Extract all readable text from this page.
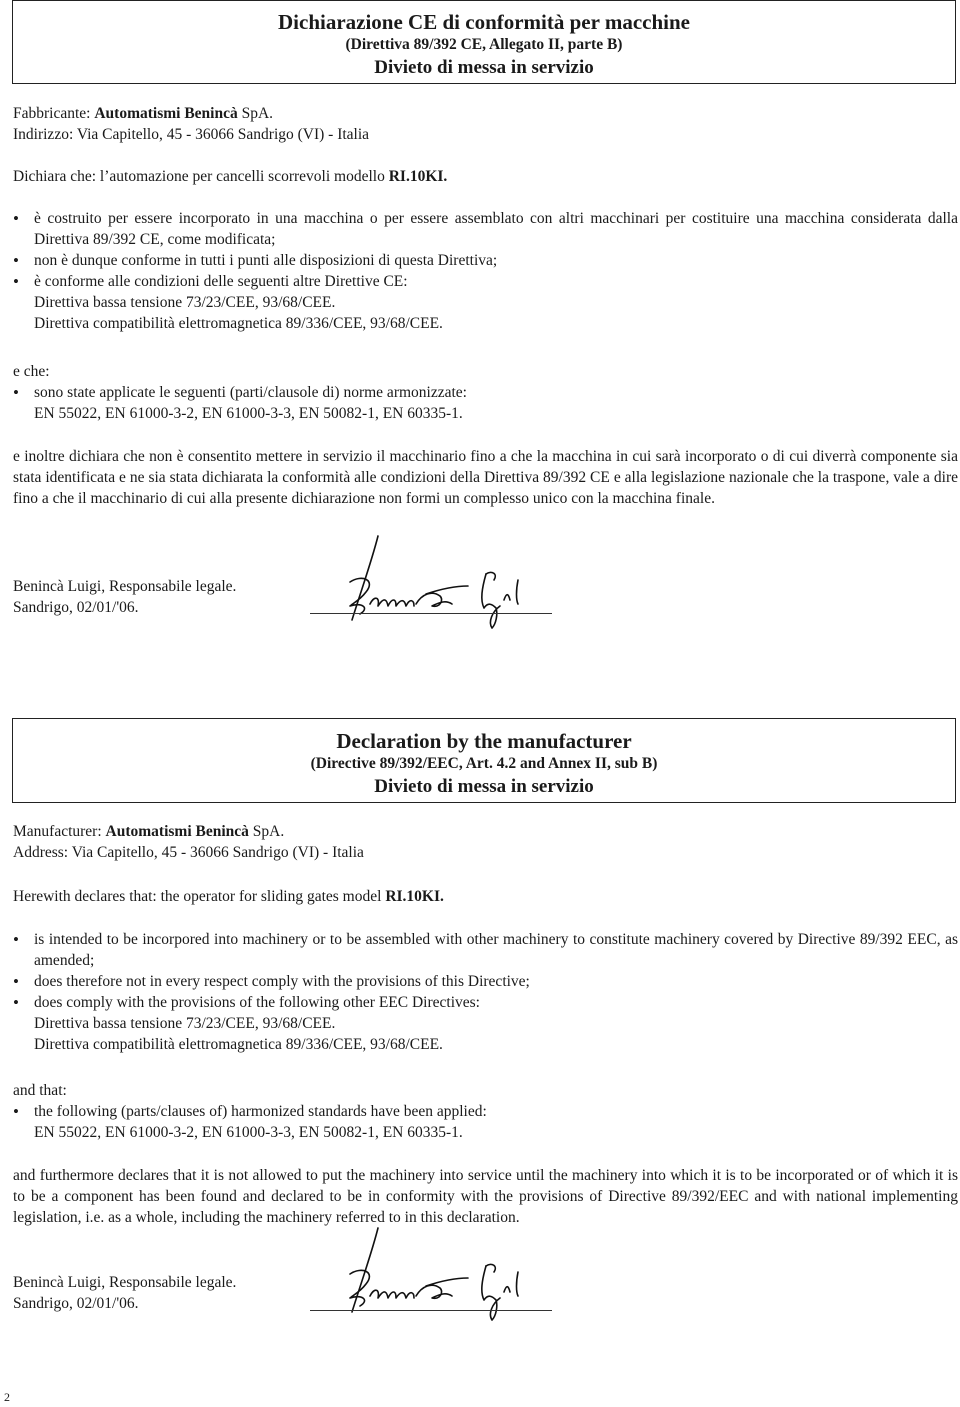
Dichiarazione CE di conformità per macchine
(Direttiva 89/392 CE, Allegato II, parte B)
Divieto di messa in servizio

Fabbricante: Automatismi Benincà SpA.

Indirizzo: Via Capitello, 45 - 36066 Sandrigo (VI) - Italia

Dichiara che: l’automazione per cancelli scorrevoli modello RI.10KI.

• è costruito per essere incorporato in una macchina o per essere assemblato con altri macchinari per costituire una macchina considerata dalla Direttiva 89/392 CE, come modificata;
• non è dunque conforme in tutti i punti alle disposizioni di questa Direttiva;
• è conforme alle condizioni delle seguenti altre Direttive CE:

Direttiva bassa tensione 73/23/CEE, 93/68/CEE.

Direttiva compatibilità elettromagnetica 89/336/CEE, 93/68/CEE.

e che:

• sono state applicate le seguenti (parti/clausole di) norme armonizzate:

EN 55022, EN 61000-3-2, EN 61000-3-3, EN 50082-1, EN 60335-1.

e inoltre dichiara che non è consentito mettere in servizio il macchinario fino a che la macchina in cui sarà incorporato o di cui diverrà componente sia stata identificata e ne sia stata dichiarata la conformità alle condizioni della Direttiva 89/392 CE e alla legislazione nazionale che la traspone, vale a dire fino a che il macchinario di cui alla presente dichiarazione non formi un complesso unico con la macchina finale.

Benincà Luigi, Responsabile legale.

Sandrigo, 02/01/'06.

Declaration by the manufacturer
(Directive 89/392/EEC, Art. 4.2 and Annex II, sub B)
Divieto di messa in servizio

Manufacturer: Automatismi Benincà SpA.

Address: Via Capitello, 45 - 36066 Sandrigo (VI) - Italia

Herewith declares that: the operator for sliding gates model RI.10KI.

• is intended to be incorpored into machinery or to be assembled with other machinery to constitute machinery covered by Directive 89/392 EEC, as amended;
• does therefore not in every respect comply with the provisions of this Directive;
• does comply with the provisions of the following other EEC Directives:

Direttiva bassa tensione 73/23/CEE, 93/68/CEE.

Direttiva compatibilità elettromagnetica 89/336/CEE, 93/68/CEE.

and that:

• the following (parts/clauses of) harmonized standards have been applied:

EN 55022, EN 61000-3-2, EN 61000-3-3, EN 50082-1, EN 60335-1.

and furthermore declares that it is not allowed to put the machinery into service until the machinery into which it is to be incorporated or of which it is to be a component has been found and declared to be in conformity with the provisions of Directive 89/392/EEC and with national implementing legislation, i.e. as a whole, including the machinery referred to in this declaration.

Benincà Luigi, Responsabile legale.

Sandrigo, 02/01/'06.

2
